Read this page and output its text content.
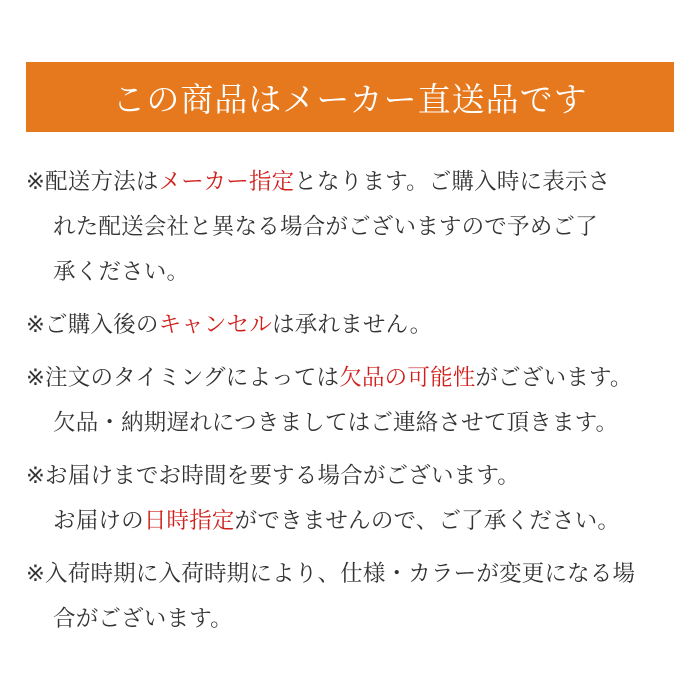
この商品はメーカー直送品です
※配送方法はメーカー指定となります。ご購入時に表示さ
れた配送会社と異なる場合がございますので予めご了
承ください。
※ご購入後のキャンセルは承れません。
※注文のタイミングによっては欠品の可能性がございます。
欠品・納期遅れにつきましてはご連絡させて頂きます。
※お届けまでお時間を要する場合がございます。
お届けの日時指定ができませんので、ご了承ください。
※入荷時期に入荷時期により、仕様・カラーが変更になる場
合がございます。
